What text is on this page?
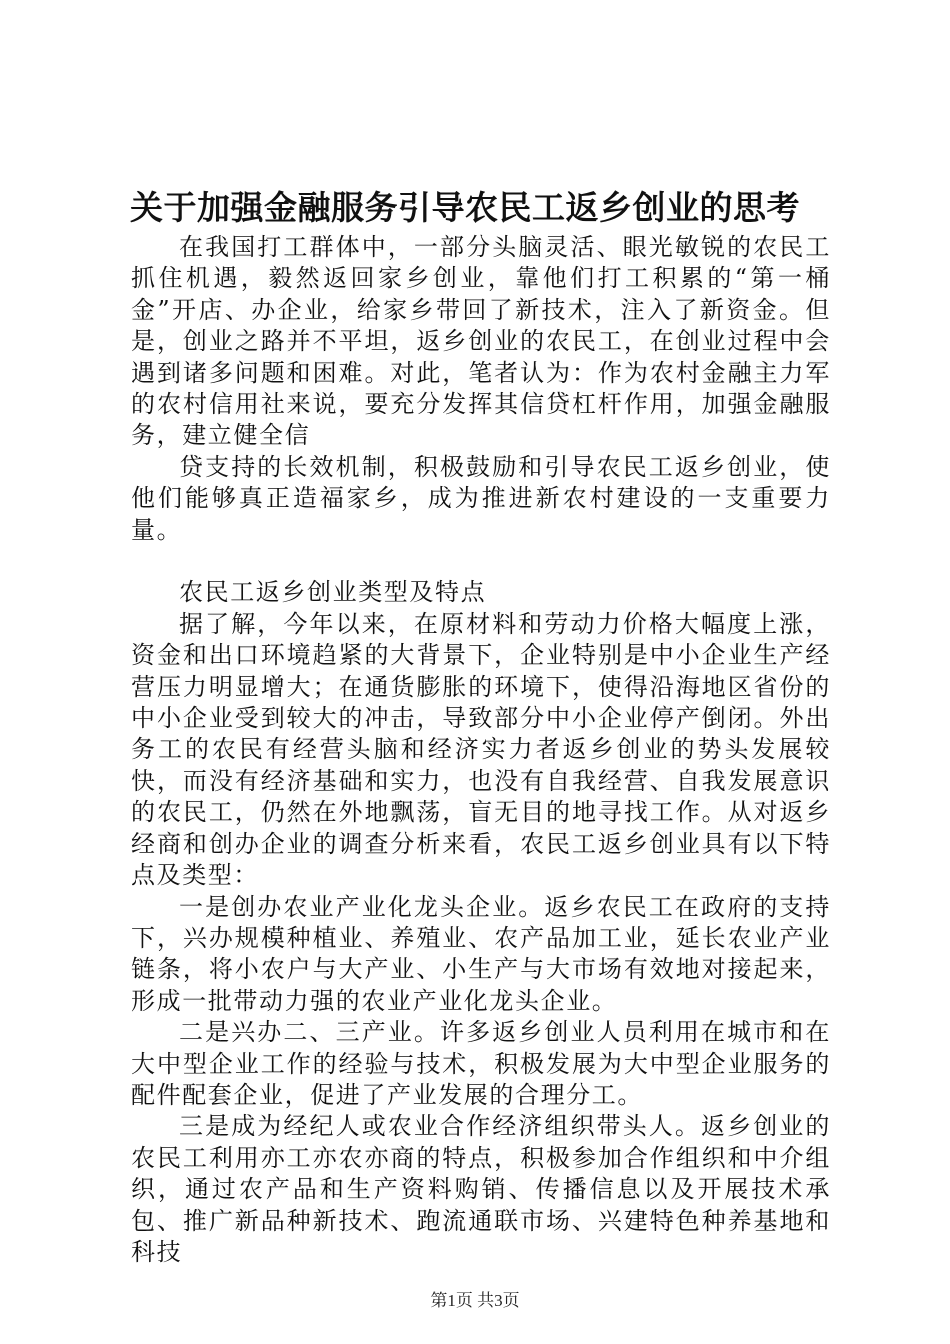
关于加强金融服务引导农民工返乡创业的思考

在我国打工群体中，一部分头脑灵活、眼光敏锐的农民工抓住机遇，毅然返回家乡创业，靠他们打工积累的“第一桶金”开店、办企业，给家乡带回了新技术，注入了新资金。但是，创业之路并不平坦，返乡创业的农民工，在创业过程中会遇到诸多问题和困难。对此，笔者认为：作为农村金融主力军的农村信用社来说，要充分发挥其信贷杠杆作用，加强金融服务，建立健全信

贷支持的长效机制，积极鼓励和引导农民工返乡创业，使他们能够真正造福家乡，成为推进新农村建设的一支重要力量。

农民工返乡创业类型及特点

据了解，今年以来，在原材料和劳动力价格大幅度上涨，资金和出口环境趋紧的大背景下，企业特别是中小企业生产经营压力明显增大；在通货膨胀的环境下，使得沿海地区省份的中小企业受到较大的冲击，导致部分中小企业停产倒闭。外出务工的农民有经营头脑和经济实力者返乡创业的势头发展较快，而没有经济基础和实力，也没有自我经营、自我发展意识的农民工，仍然在外地飘荡，盲无目的地寻找工作。从对返乡经商和创办企业的调查分析来看，农民工返乡创业具有以下特点及类型：

一是创办农业产业化龙头企业。返乡农民工在政府的支持下，兴办规模种植业、养殖业、农产品加工业，延长农业产业链条，将小农户与大产业、小生产与大市场有效地对接起来，形成一批带动力强的农业产业化龙头企业。

二是兴办二、三产业。许多返乡创业人员利用在城市和在大中型企业工作的经验与技术，积极发展为大中型企业服务的配件配套企业，促进了产业发展的合理分工。

三是成为经纪人或农业合作经济组织带头人。返乡创业的农民工利用亦工亦农亦商的特点，积极参加合作组织和中介组织，通过农产品和生产资料购销、传播信息以及开展技术承包、推广新品种新技术、跑流通联市场、兴建特色种养基地和科技

第1页 共3页
